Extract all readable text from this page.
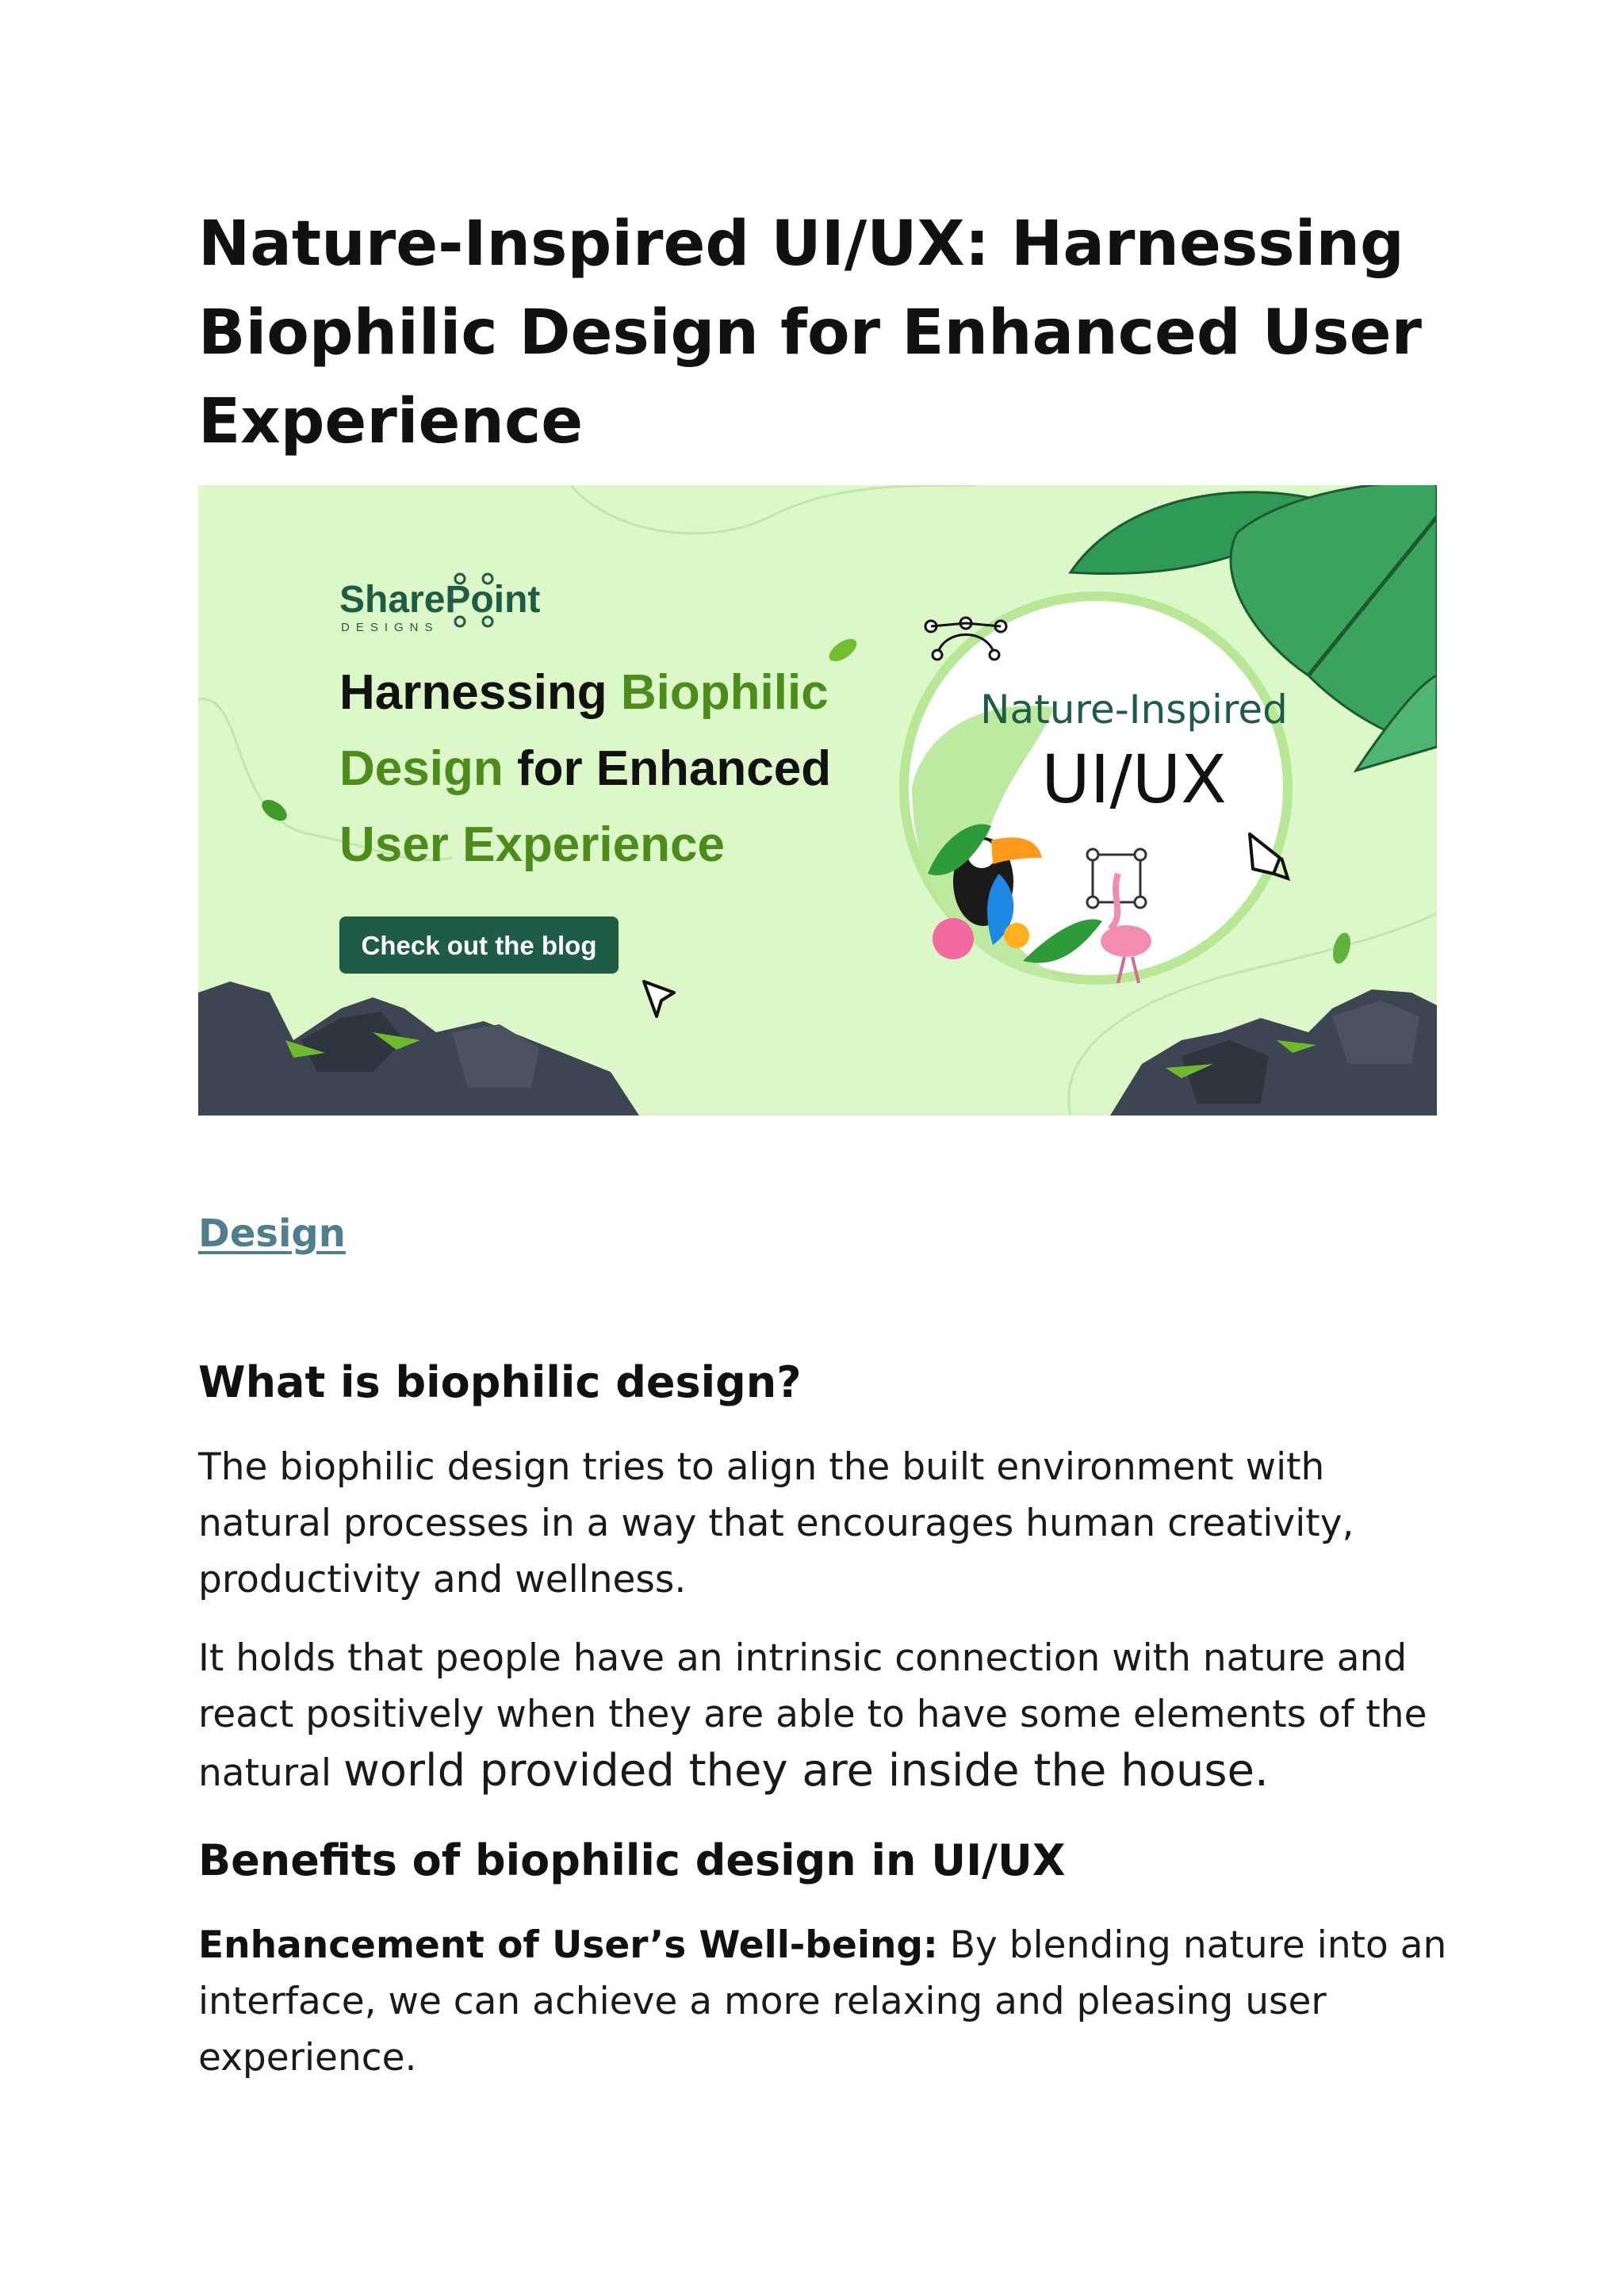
Nature-Inspired UI/UX: Harnessing Biophilic Design for Enhanced User Experience
SharePoint
DESIGNS
Harnessing Biophilic
Design for Enhanced
User Experience
Check out the blog
Nature-Inspired
UI/UX
Design
What is biophilic design?

The biophilic design tries to align the built environment with natural processes in a way that encourages human creativity, productivity and wellness.

It holds that people have an intrinsic connection with nature and react positively when they are able to have some elements of the natural world provided they are inside the house.

Benefits of biophilic design in UI/UX

Enhancement of User’s Well-being: By blending nature into an interface, we can achieve a more relaxing and pleasing user experience.
